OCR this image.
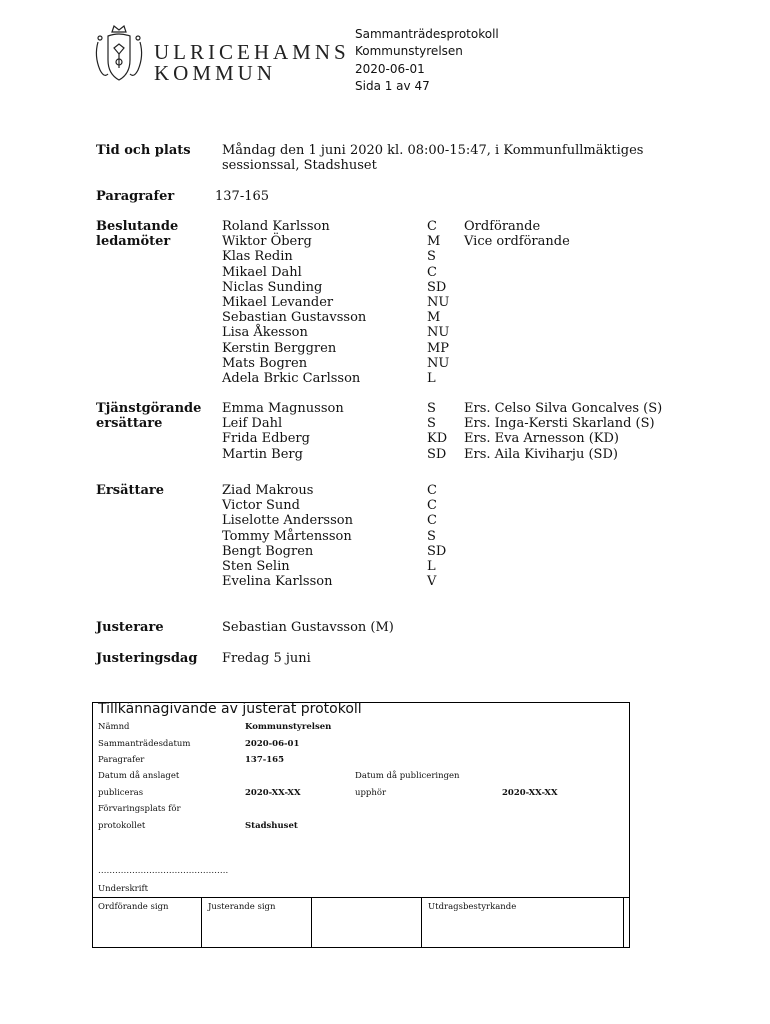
ULRICEHAMNS
KOMMUN
Sammanträdesprotokoll
Kommunstyrelsen
2020-06-01
Sida 1 av 47
Tid och plats Måndag den 1 juni 2020 kl. 08:00-15:47, i Kommunfullmäktiges
sessionssal, Stadshuset
Paragrafer	137-165
Beslutande
ledamöter
Roland Karlsson	C Ordförande
Wiktor Öberg	M Vice ordförande
Klas Redin	S
Mikael Dahl	C
Niclas Sunding	SD
Mikael Levander	NU
Sebastian Gustavsson	M
Lisa Åkesson	NU
Kerstin Berggren	MP
Mats Bogren	NU
Adela Brkic Carlsson	L
Tjänstgörande
ersättare
Emma Magnusson	S Ers. Celso Silva Goncalves (S)
Leif Dahl	S Ers. Inga-Kersti Skarland (S)
Frida Edberg	KD Ers. Eva Arnesson (KD)
Martin Berg	SD Ers. Aila Kiviharju (SD)
Ersättare	Ziad Makrous	C
Victor Sund	C
Liselotte Andersson	C
Tommy Mårtensson	S
Bengt Bogren	SD
Sten Selin	L
Evelina Karlsson	V
Justerare	Sebastian Gustavsson (M)
Justeringsdag Fredag 5 juni
Tillkännagivande av justerat protokoll
Nämnd	Kommunstyrelsen
Sammanträdesdatum	2020-06-01
Paragrafer	137-165
Datum då anslaget
publiceras	2020-XX-XX
Datum då publiceringen
upphör	2020-XX-XX
Förvaringsplats för
protokollet	Stadshuset
……………………………………….
Underskrift
Ordförande sign	Justerande sign	Utdragsbestyrkande
